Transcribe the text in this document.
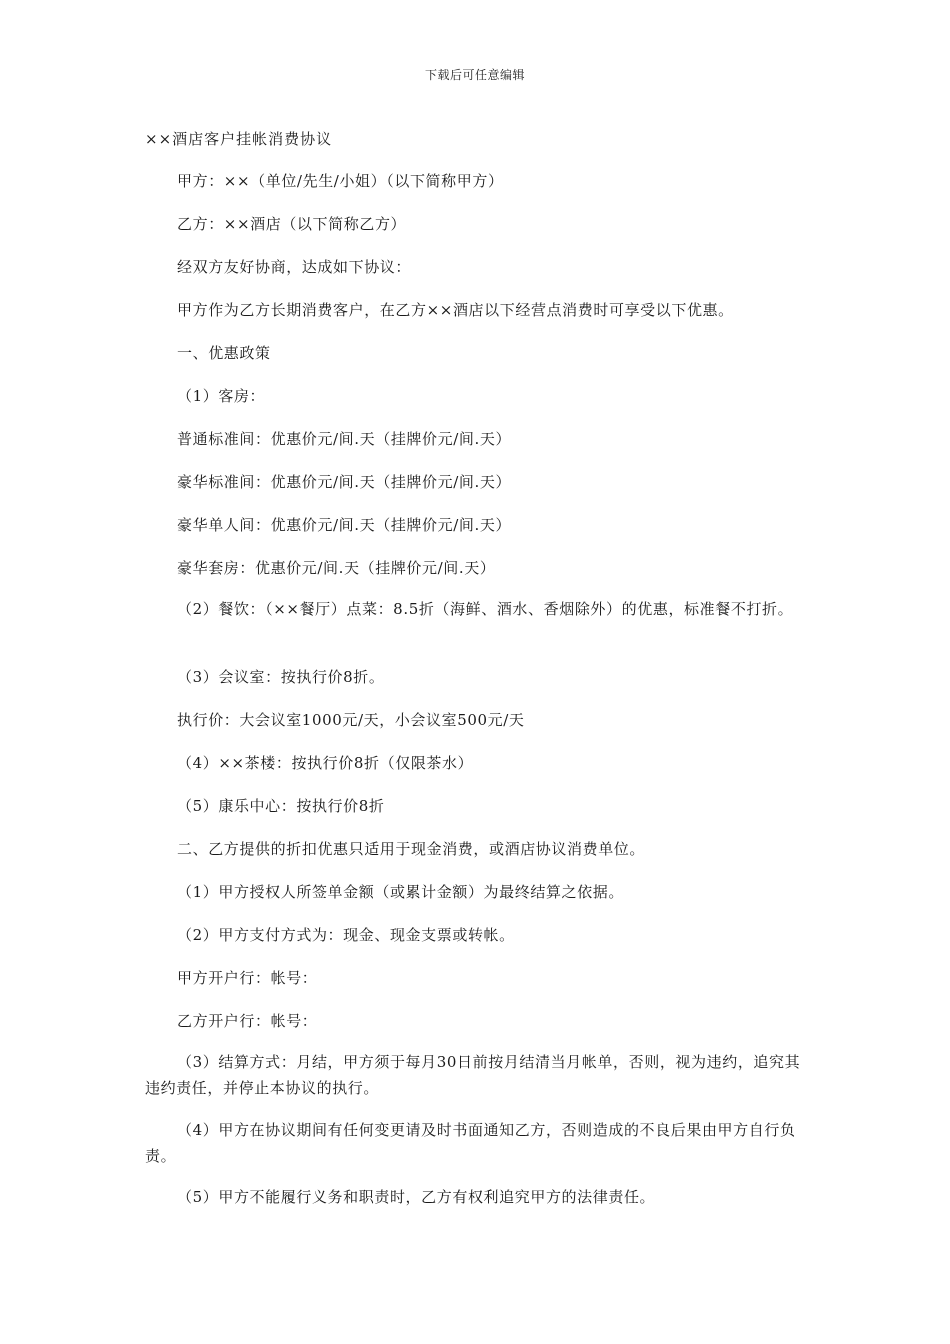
下载后可任意编辑
××酒店客户挂帐消费协议

甲方：××（单位/先生/小姐）（以下简称甲方）

乙方：××酒店（以下简称乙方）

经双方友好协商，达成如下协议：

甲方作为乙方长期消费客户，在乙方××酒店以下经营点消费时可享受以下优惠。

一、优惠政策

（1）客房：

普通标准间：优惠价元/间.天（挂牌价元/间.天）

豪华标准间：优惠价元/间.天（挂牌价元/间.天）

豪华单人间：优惠价元/间.天（挂牌价元/间.天）

豪华套房：优惠价元/间.天（挂牌价元/间.天）

（2）餐饮：（××餐厅）点菜：8.5折（海鲜、酒水、香烟除外）的优惠，标准餐不打折。

（3）会议室：按执行价8折。

执行价：大会议室1000元/天，小会议室500元/天

（4）××茶楼：按执行价8折（仅限茶水）

（5）康乐中心：按执行价8折

二、乙方提供的折扣优惠只适用于现金消费，或酒店协议消费单位。

（1）甲方授权人所签单金额（或累计金额）为最终结算之依据。

（2）甲方支付方式为：现金、现金支票或转帐。

甲方开户行：帐号：

乙方开户行：帐号：

（3）结算方式：月结，甲方须于每月30日前按月结清当月帐单，否则，视为违约，追究其违约责任，并停止本协议的执行。

（4）甲方在协议期间有任何变更请及时书面通知乙方，否则造成的不良后果由甲方自行负责。

（5）甲方不能履行义务和职责时，乙方有权利追究甲方的法律责任。
